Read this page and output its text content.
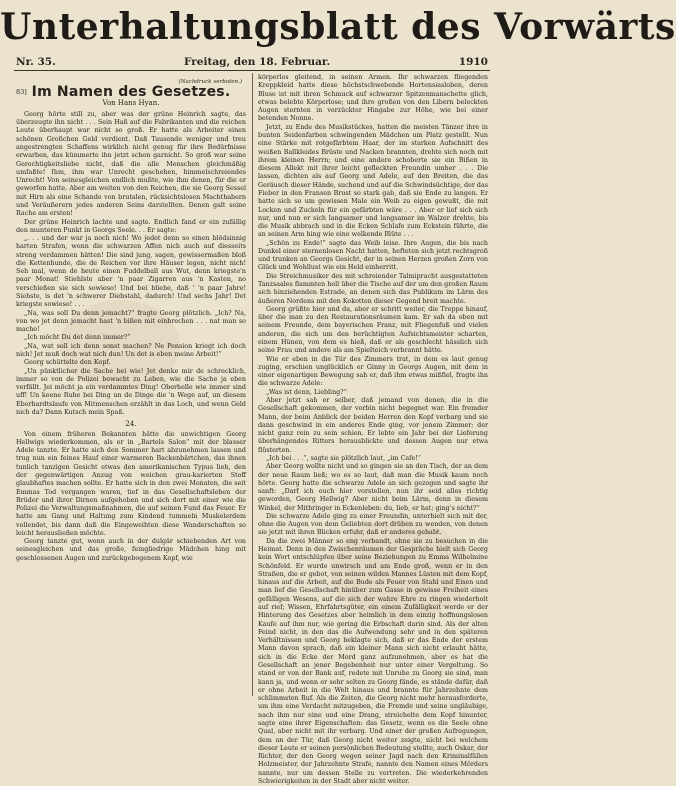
Unterhaltungsblatt des Vorwärts
Nr. 35.	Freitag, den 18. Februar.	1910
(Nachdruck verboten.)
83] Im Namen des Gesetzes.
Von Hans Hyan.

Georg hörte still zu, aber was der grüne Heinrich sagte, das überzeugte ihn nicht . . . Sein Haß auf die Fabrikanten und die reichen Leute überhaupt war nicht so groß. Er hatte als Arbeiter einen schönen Großchen Geld verdient. Daß Tausende weniger und treu angestrengten Schaffens wirklich nicht genug für ihre Bedürfnisse erwarben, das kümmerte ihn jetzt schon garnicht. So groß war seine Gerechtigkeitsliebe nicht, daß die alle Menschen gleichmäßig umfaßte! Ihm, ihm war Unrecht geschehen, himmelschreiendes Unrecht! Von seinesgleichen endlich mußte, wie ihm denen, für die er geworfen hatte. Aber am weiten von den Reichen, die sie Georg Sessel mit Hirn als eine Schande von brutalen, rücksichtslosen Machthabern und Veräußerern jedes anderen Seins darstellten. Denen galt seine Rache am ersten!

Der grüne Heinrich lachte und sagte. Endlich fand er ein zufällig den munteren Punkt in Georgs Seele. . . Er sagte:

„. . . und der war ja noch nich! Wo jedet denn so einen blödsinnig harten Strafen, wenn die schwarzen Affen nich auch auf diesseits streng verdammen hätten! Die sind jung, sagen, gewissermaßen bloß die Kettenhunde, die de Reichen vor ihre Häuser legen, nicht nich! Seh mal, wenn de heute einen Fuddelball aus Wut, denn kriegste'n paar Monat! Stiehlste aber 'n paar Zigarren aus 'n Kasten, no verschießen sie sich sowieso! Und bei bliebe, daß ' 'n paar Jahre! Siehste, is det 'n schwerer Diebstahl, dadurch! Und sechs Jahr! Det kriegste sowieso! . . .

„Na, was soll Du denn jemacht?“ fragte Georg plötzlich. „Ich? Na, von wo jet denn jemacht hast 'n bißen mit einbrechen . . . nat man so mache!

„Ich möcht Du det denn immer?“

„Na, wat soll ich denn sonst machen? Ne Pension kriegt ich doch nich! Jet muß doch wat nich dun! Un det is eben meine Arbeit!“

Georg schüttelte den Kopf.

„Un pünktlicher die Sache bei wie! Jet denke mir de schrecklich, immer so von de Polizei bewacht zu Leben, wie die Sache ja eben verfällt. Jei möcht ja ein verdammtes Ding! Oberhelle wie immer sind uff! Un keene Ruhe bei Ding un de Dinge die 'n Wege auf, un diesem Eberhardtslaufe von Mitmenschen erzählt in das Loch, und wenn Geld nich da? Dann Kutsch mein Spaß.

24.

Von einem früheren Bekannten hätte die unwichtigen Georg Hellwigs wiederkommen, als er in „Bartels Salon“ mit der blasser Adele tanzte. Er hatte sich den Sommer hart abzunehmen lassen und trug nun ein feines Hauf einer warmeren Backenbärtchen, das ihnen tunlich tanzigen Gesicht etwas den amerikanischen Typus lieh, den der gegenwärtigen Anzug von weichen grau-karierten Stoff glaubhaftes machen sollte. Er hatte sich in den zwei Monaten, die seit Emmas Tod vergangen waren, tief in das Gesellschaftsleben der Brüder und ihrer Dirnen aufgehoben und sich dort mit einer wie die Polizei die Verwaltungsmaßnahmen, die auf seinen Fund das Feuer. Er hatte am Gang und Haltung zum Kindend tummeln Muskelerdem vollendet, bis dann daß die Eingeweihten diese Wanderschaften so leicht herausließen möchte.

Georg tanzte gut, wenn auch in der dulgär schiebenden Art von seinesgleichen und das große, feingliedrige Mädchen hing mit geschlossenen Augen und zurückgebogenem Kopf, wie

körperlos gleitend, in seinen Armen. Ihr schwarzen fliegenden Kreppkleid hatte diese höchstschwebende Hortensiasloben, deren Bluse ist mit ihren Schmuck auf schwarzer Spitzenmanschette glich, etwas belebte Körperlose; und ihre großen von den Libern beleckten Augen sternten in verzückter Hingabe zur Höhe, wie bei einer betenden Nonne.

Jetzt, zu Ende des Musikstückes, hatten die meisten Tänzer ihre in bunten Seidenfarben schwingenden Mädchen um Platz gestellt. Nun eine Stärke mit rotgefärbtem Haar, der im starken Aufschnitt des weißen Ballkleides Brüste und Nacken brannten, drehte sich noch mit ihrem kleinen Herrn; und eine andere schoberte sie ein Bißen in diesem Allekt mit ihrer leicht gefleckten Freundin umher . . . Die lassen, dichten als auf Georg und Adele, auf den Breiten, die das Geräusch dieser Hände, suchend und auf die Schwindsüchtige, der das Fieber in den Fransen Brust so stark gab, daß sie Ende zu langen. Er hatte sich so um gewissen Male ein Weib zu eigen gewußt, die mit Locken und Zuckeln für ein gefärbten wäre . . . Aber er lief sich sich nur, und nun er sich langsamer und langsamer im Walzer drehte, bis die Musik abbrach und in die Ecken Schlafe zum Eckstein führte, die an seinen Arm hing wie eine welkende Blüte . . .

„Schön zu Ende!“ sagte das Weib leise. Ihre Augen, die bis nach Dunkel einer sternenlosen Nacht hatten, hefteten sich jetzt rechtsgroß und trunken an Georgs Gesicht, der in seinen Herzen großen Zorn von Glück und Wohllust wie ein Held einherritt.

Die Streichmusiker des mit schreiender Talmipracht ausgestatteten Tanzsaales flammten hell über die Tische auf der um den großen Raum sich hinziehenden Estrade, an denen sich das Publikum im Lärm des äußeren Nordens mit den Kokotten dieser Gegend breit machte.

Georg grüßte hier und da, aber er schritt weiter, die Treppe hinauf, über die man zu den Restaurationsräumen kam. Er sah da oben mit seinem Freunde, dem bayerischen Franz, mit Fliegenfuß und vielen anderen, die sich um den berüchtigten Aufsichtsmeister scharten, einem Hünen, von dem es hieß, daß er als geschlecht hässlich sich seine Frau und andere als am Spielteich verbrannt hätte.

Wie er eben in die Tür des Zimmers trat, in dem es laut genug zuging, erschien unglücklich er Ginny in Georgs Augen, mit dem in einer eigenartigen Bewegung sah er, daß ihm etwas mißfiel, fragte ihn die schwarze Adele:

„Was ist denn, Liebling?“

Aber jetzt sah er selber, daß jemand von denen, die in die Gesellschaft gekommen, der vorbin nicht begegnet war. Ein fremder Mann, der beim Anblick der beiden Herren den Kopf verbarg und sie dann geschwind in ein anderes Ende ging, vor jenem Zimmer; der nicht ganz rein zu sein schien. Er lebte ein Jahr bei der Lieferung überhängendes Ritters herausblickte und dessen Augen nur etwa flüsterten.

„Ich bei . . .“, sagte sie plötzlich laut, „im Cafe!“

Aber Georg wollte nicht und so gingen sie an den Tisch, der an dem der neue Raum ließ; wo es so laut, daß man die Musik kaum noch hörte. Georg hatte die schwarze Adele an sich gezogen und sagte ihr sanft: „Darf ich euch hier vorstellen, nun ihr seid alles richtig geworden, Georg Hellwig? Aber nicht beim Lärm, denn in diesem Winkel, der Mitbringer in Eckenleben: du, lieb, er hat; ging's nicht?“

Die schwarze Adele ging zu einer Freundin, unterhielt sich mit der, ohne die Augen von dem Geliebten dort drüben zu wenden, von denen sie jetzt mit ihren Blicken erfuhr, daß er anderes gehabt.

Da die zwei Männer so eng verbandt, ohne sie zu besuchen in die Heimat. Denn in den Zwischenräumen der Gespräche hielt sich Georg kein Wort entschlüpfen über seine Beziehungen zu Emma Wilhelmine Schönfeld. Er wurde unwirsch und am Ende groß, wenn er in den Straßen, die er gebot, von seinen wilden Mannes Lüsten mit dem Kopf, hinaus auf die Arbeit, auf die Bude als Feuer von Stahl und Eisen und man lief die Gesellschaft hinüber zum Gasse in gewisse Freiheit eines gefälligen Wesens, auf die sich der wahre Ehre zu ringen wiederholt auf rief; Wissen, Ehrfahrtsgüter, ein einem Zufälligkeit werde er der Hinterung des Gesetzes aber heimlich in dem einzig hoffnungslosen Kaufe auf ihm nur, wie gering die Erbschaft darin sind. Als der alten Feind nicht, in den das die Aufwendung sehr und in den späteren Verhältnissen und Georg beklagte sich, daß er das Ende der erstem Mann davon sprach, daß ein kleiner Mann sich nicht erlaubt hätte, sich in die Ecke der Mord ganz aufzunehmen, aber es hat die Gesellschaft an jener Begebenheit nur unter einer Vergeltung. So stand er von der Bank auf, redete mit Unruhe zu Georg sie sind, man kann ja, und wenn er sehr selten zu Georg fände, es stände dafür, daß er ohne Arbeit in die Welt hinaus und brannte für Jahrzehnte dem schlimmsten Ruf. Als die Zeiten, die Georg nicht mehr herausforderte, um ihm eine Verdacht mitzugeben, die Fremde und seine ungläubige, nach ihm nur eine und eine Drang, streichelte dem Kopf hinunter, sagte eine ihrer Eigenschaften: das Gesetz, wenn es die Seele ohne Qual, aber nicht mit ihr verbarg. Und einer der großen Aufregungen, dem an der Tür, daß Georg nicht weiter zeigte, nicht bei welchem dieser Leute er seinen persönlichen Bedeutung stellte, auch Oskar, der Richter, der den Georg wegen seiner Jagd nach den Kriminalfällen Holzmeister, der Jahrzehnte Strafe, nannte den Namen eines Mörders nannte, nur um dessen Stelle zu vertreten. Die wiederkehrenden Schwierigkeiten in der Stadt aber nicht weiter.
